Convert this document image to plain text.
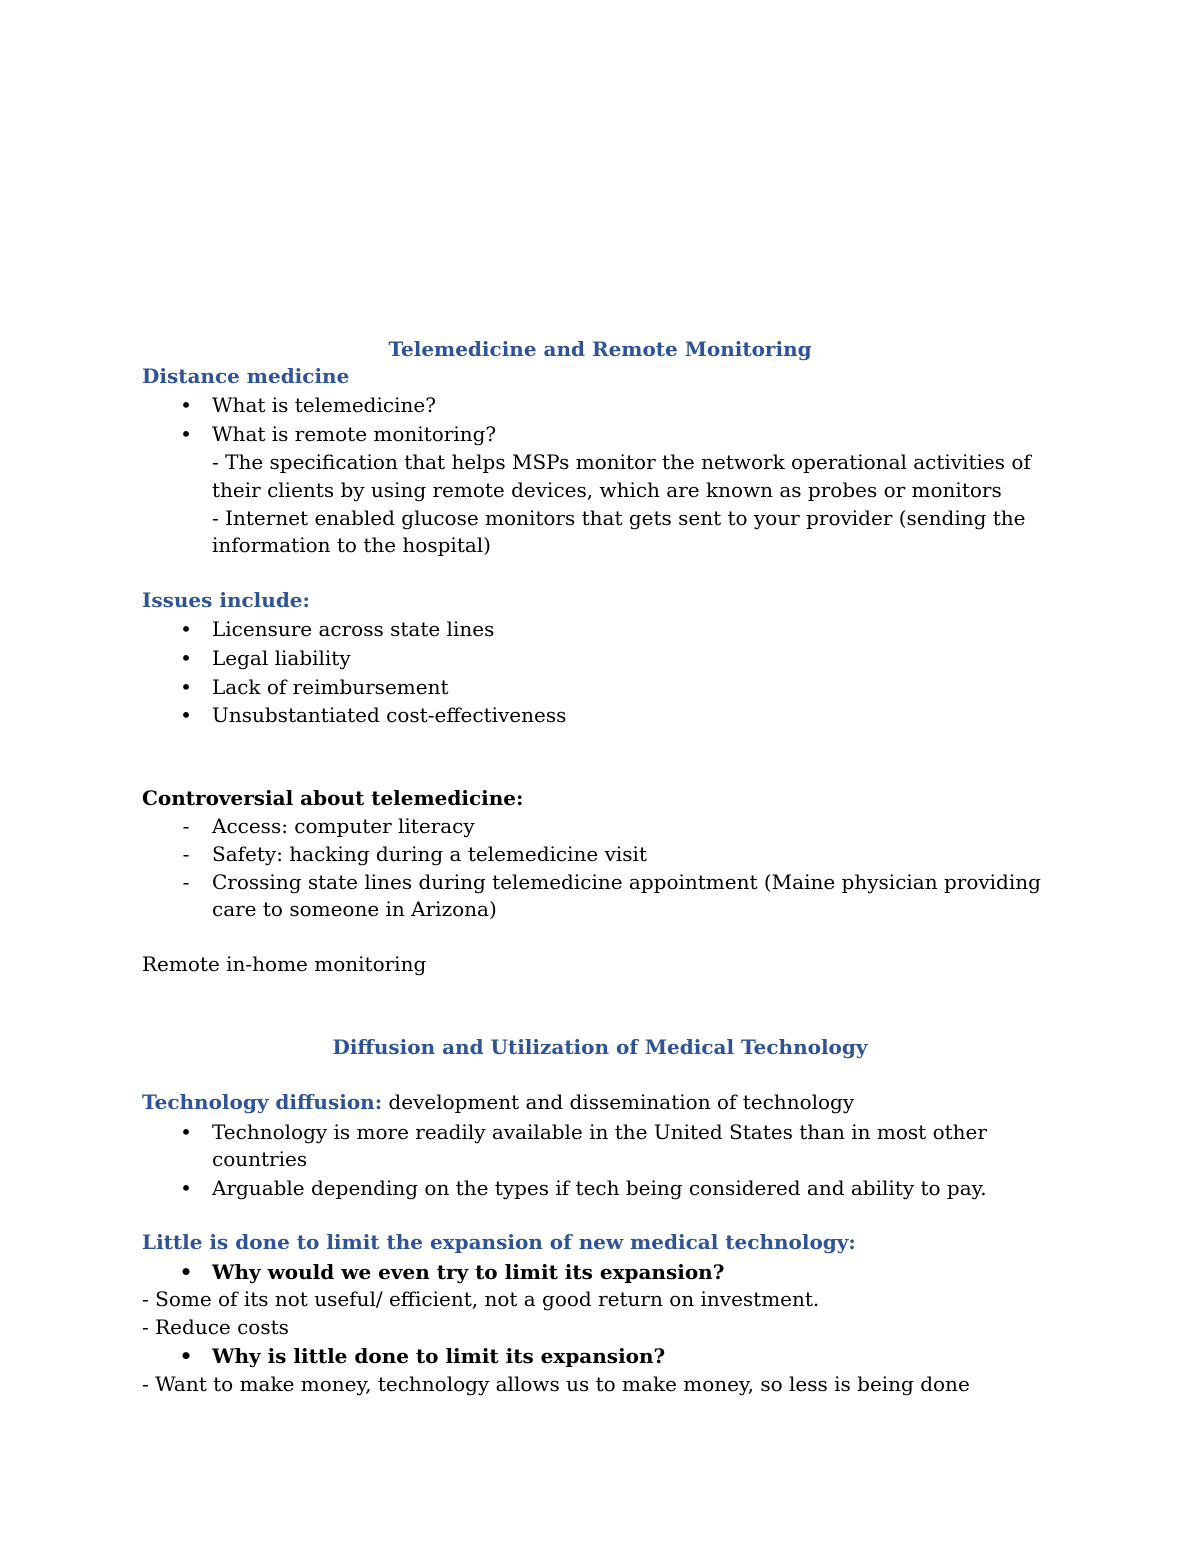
Telemedicine and Remote Monitoring

Distance medicine

• What is telemedicine?

• What is remote monitoring?

- The specification that helps MSPs monitor the network operational activities of

their clients by using remote devices, which are known as probes or monitors

- Internet enabled glucose monitors that gets sent to your provider (sending the

information to the hospital)

Issues include:

• Licensure across state lines

• Legal liability

• Lack of reimbursement

• Unsubstantiated cost-effectiveness

Controversial about telemedicine:

-	Access: computer literacy

-	Safety: hacking during a telemedicine visit

-	Crossing state lines during telemedicine appointment (Maine physician providing

care to someone in Arizona)

Remote in-home monitoring

Diffusion and Utilization of Medical Technology

Technology diffusion: development and dissemination of technology

• Technology is more readily available in the United States than in most other

countries

• Arguable depending on the types if tech being considered and ability to pay.

Little is done to limit the expansion of new medical technology:

• Why would we even try to limit its expansion?

- Some of its not useful/ efficient, not a good return on investment.

- Reduce costs

• Why is little done to limit its expansion?

- Want to make money, technology allows us to make money, so less is being done
